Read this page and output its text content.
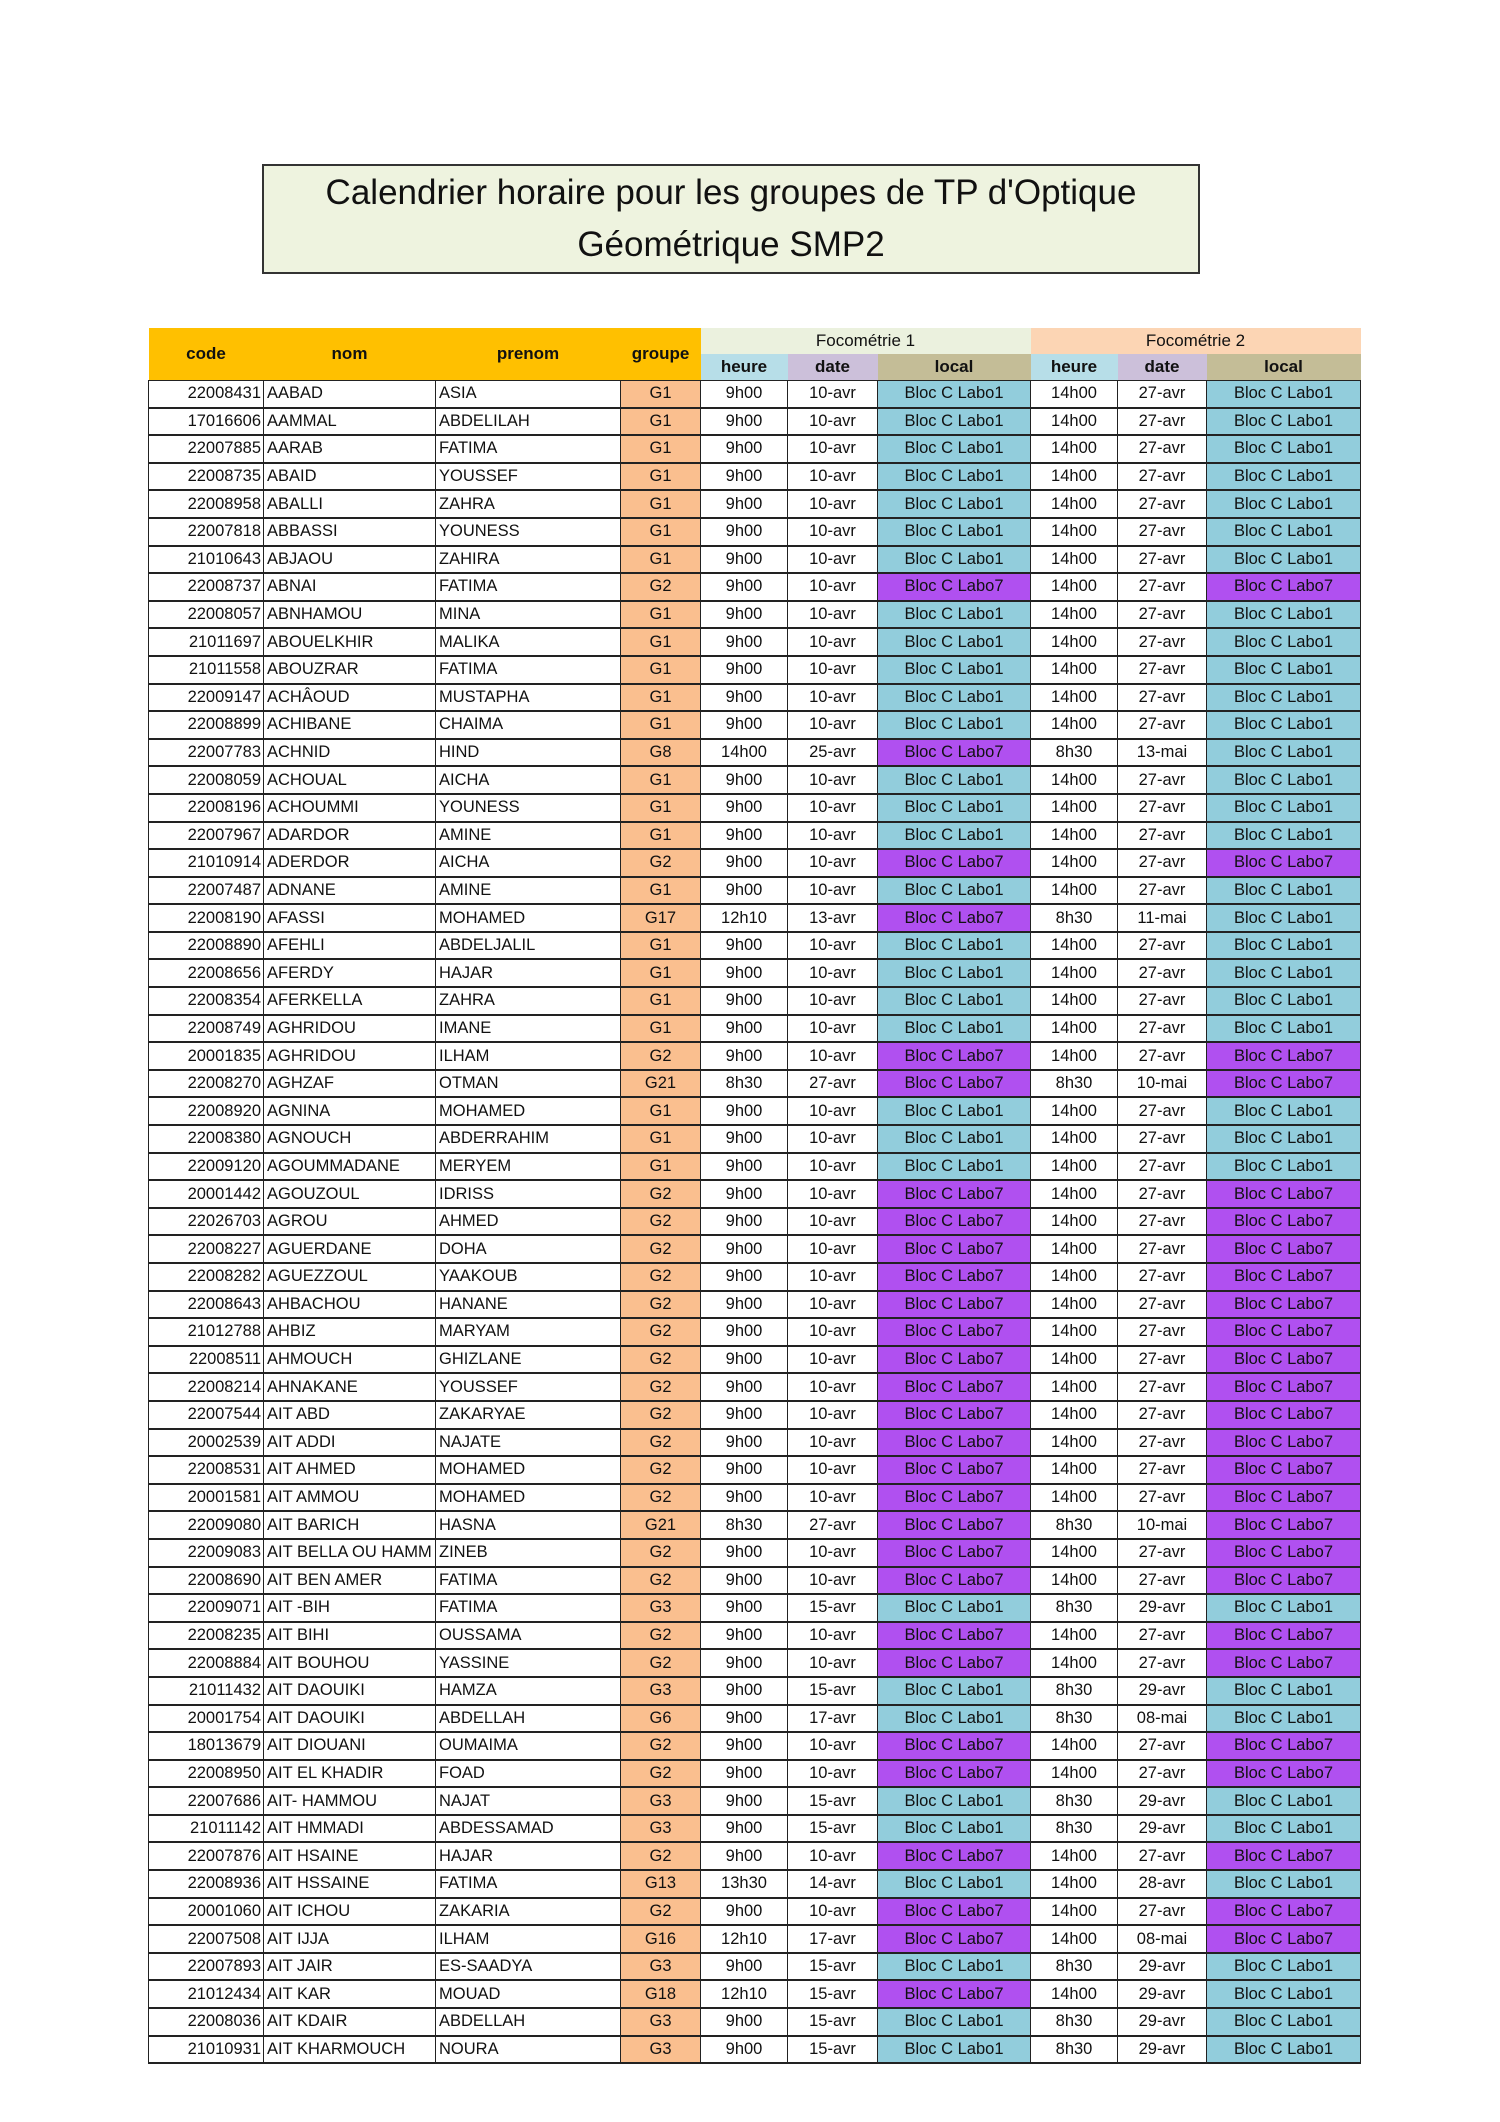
Calendrier horaire pour les groupes de TP d'Optique Géométrique SMP2
code	nom	prenom	groupe	Focométrie 1			Focométrie 2		
				heure	date	local	heure	date	local
22008431	AABAD	ASIA	G1	9h00	10-avr	Bloc C Labo1	14h00	27-avr	Bloc C Labo1
17016606	AAMMAL	ABDELILAH	G1	9h00	10-avr	Bloc C Labo1	14h00	27-avr	Bloc C Labo1
22007885	AARAB	FATIMA	G1	9h00	10-avr	Bloc C Labo1	14h00	27-avr	Bloc C Labo1
22008735	ABAID	YOUSSEF	G1	9h00	10-avr	Bloc C Labo1	14h00	27-avr	Bloc C Labo1
22008958	ABALLI	ZAHRA	G1	9h00	10-avr	Bloc C Labo1	14h00	27-avr	Bloc C Labo1
22007818	ABBASSI	YOUNESS	G1	9h00	10-avr	Bloc C Labo1	14h00	27-avr	Bloc C Labo1
21010643	ABJAOU	ZAHIRA	G1	9h00	10-avr	Bloc C Labo1	14h00	27-avr	Bloc C Labo1
22008737	ABNAI	FATIMA	G2	9h00	10-avr	Bloc C Labo7	14h00	27-avr	Bloc C Labo7
22008057	ABNHAMOU	MINA	G1	9h00	10-avr	Bloc C Labo1	14h00	27-avr	Bloc C Labo1
21011697	ABOUELKHIR	MALIKA	G1	9h00	10-avr	Bloc C Labo1	14h00	27-avr	Bloc C Labo1
21011558	ABOUZRAR	FATIMA	G1	9h00	10-avr	Bloc C Labo1	14h00	27-avr	Bloc C Labo1
22009147	ACHÂOUD	MUSTAPHA	G1	9h00	10-avr	Bloc C Labo1	14h00	27-avr	Bloc C Labo1
22008899	ACHIBANE	CHAIMA	G1	9h00	10-avr	Bloc C Labo1	14h00	27-avr	Bloc C Labo1
22007783	ACHNID	HIND	G8	14h00	25-avr	Bloc C Labo7	8h30	13-mai	Bloc C Labo1
22008059	ACHOUAL	AICHA	G1	9h00	10-avr	Bloc C Labo1	14h00	27-avr	Bloc C Labo1
22008196	ACHOUMMI	YOUNESS	G1	9h00	10-avr	Bloc C Labo1	14h00	27-avr	Bloc C Labo1
22007967	ADARDOR	AMINE	G1	9h00	10-avr	Bloc C Labo1	14h00	27-avr	Bloc C Labo1
21010914	ADERDOR	AICHA	G2	9h00	10-avr	Bloc C Labo7	14h00	27-avr	Bloc C Labo7
22007487	ADNANE	AMINE	G1	9h00	10-avr	Bloc C Labo1	14h00	27-avr	Bloc C Labo1
22008190	AFASSI	MOHAMED	G17	12h10	13-avr	Bloc C Labo7	8h30	11-mai	Bloc C Labo1
22008890	AFEHLI	ABDELJALIL	G1	9h00	10-avr	Bloc C Labo1	14h00	27-avr	Bloc C Labo1
22008656	AFERDY	HAJAR	G1	9h00	10-avr	Bloc C Labo1	14h00	27-avr	Bloc C Labo1
22008354	AFERKELLA	ZAHRA	G1	9h00	10-avr	Bloc C Labo1	14h00	27-avr	Bloc C Labo1
22008749	AGHRIDOU	IMANE	G1	9h00	10-avr	Bloc C Labo1	14h00	27-avr	Bloc C Labo1
20001835	AGHRIDOU	ILHAM	G2	9h00	10-avr	Bloc C Labo7	14h00	27-avr	Bloc C Labo7
22008270	AGHZAF	OTMAN	G21	8h30	27-avr	Bloc C Labo7	8h30	10-mai	Bloc C Labo7
22008920	AGNINA	MOHAMED	G1	9h00	10-avr	Bloc C Labo1	14h00	27-avr	Bloc C Labo1
22008380	AGNOUCH	ABDERRAHIM	G1	9h00	10-avr	Bloc C Labo1	14h00	27-avr	Bloc C Labo1
22009120	AGOUMMADANE	MERYEM	G1	9h00	10-avr	Bloc C Labo1	14h00	27-avr	Bloc C Labo1
20001442	AGOUZOUL	IDRISS	G2	9h00	10-avr	Bloc C Labo7	14h00	27-avr	Bloc C Labo7
22026703	AGROU	AHMED	G2	9h00	10-avr	Bloc C Labo7	14h00	27-avr	Bloc C Labo7
22008227	AGUERDANE	DOHA	G2	9h00	10-avr	Bloc C Labo7	14h00	27-avr	Bloc C Labo7
22008282	AGUEZZOUL	YAAKOUB	G2	9h00	10-avr	Bloc C Labo7	14h00	27-avr	Bloc C Labo7
22008643	AHBACHOU	HANANE	G2	9h00	10-avr	Bloc C Labo7	14h00	27-avr	Bloc C Labo7
21012788	AHBIZ	MARYAM	G2	9h00	10-avr	Bloc C Labo7	14h00	27-avr	Bloc C Labo7
22008511	AHMOUCH	GHIZLANE	G2	9h00	10-avr	Bloc C Labo7	14h00	27-avr	Bloc C Labo7
22008214	AHNAKANE	YOUSSEF	G2	9h00	10-avr	Bloc C Labo7	14h00	27-avr	Bloc C Labo7
22007544	AIT ABD	ZAKARYAE	G2	9h00	10-avr	Bloc C Labo7	14h00	27-avr	Bloc C Labo7
20002539	AIT ADDI	NAJATE	G2	9h00	10-avr	Bloc C Labo7	14h00	27-avr	Bloc C Labo7
22008531	AIT AHMED	MOHAMED	G2	9h00	10-avr	Bloc C Labo7	14h00	27-avr	Bloc C Labo7
20001581	AIT AMMOU	MOHAMED	G2	9h00	10-avr	Bloc C Labo7	14h00	27-avr	Bloc C Labo7
22009080	AIT BARICH	HASNA	G21	8h30	27-avr	Bloc C Labo7	8h30	10-mai	Bloc C Labo7
22009083	AIT BELLA OU HAMM	ZINEB	G2	9h00	10-avr	Bloc C Labo7	14h00	27-avr	Bloc C Labo7
22008690	AIT BEN AMER	FATIMA	G2	9h00	10-avr	Bloc C Labo7	14h00	27-avr	Bloc C Labo7
22009071	AIT -BIH	FATIMA	G3	9h00	15-avr	Bloc C Labo1	8h30	29-avr	Bloc C Labo1
22008235	AIT BIHI	OUSSAMA	G2	9h00	10-avr	Bloc C Labo7	14h00	27-avr	Bloc C Labo7
22008884	AIT BOUHOU	YASSINE	G2	9h00	10-avr	Bloc C Labo7	14h00	27-avr	Bloc C Labo7
21011432	AIT DAOUIKI	HAMZA	G3	9h00	15-avr	Bloc C Labo1	8h30	29-avr	Bloc C Labo1
20001754	AIT DAOUIKI	ABDELLAH	G6	9h00	17-avr	Bloc C Labo1	8h30	08-mai	Bloc C Labo1
18013679	AIT DIOUANI	OUMAIMA	G2	9h00	10-avr	Bloc C Labo7	14h00	27-avr	Bloc C Labo7
22008950	AIT EL KHADIR	FOAD	G2	9h00	10-avr	Bloc C Labo7	14h00	27-avr	Bloc C Labo7
22007686	AIT- HAMMOU	NAJAT	G3	9h00	15-avr	Bloc C Labo1	8h30	29-avr	Bloc C Labo1
21011142	AIT HMMADI	ABDESSAMAD	G3	9h00	15-avr	Bloc C Labo1	8h30	29-avr	Bloc C Labo1
22007876	AIT HSAINE	HAJAR	G2	9h00	10-avr	Bloc C Labo7	14h00	27-avr	Bloc C Labo7
22008936	AIT HSSAINE	FATIMA	G13	13h30	14-avr	Bloc C Labo1	14h00	28-avr	Bloc C Labo1
20001060	AIT ICHOU	ZAKARIA	G2	9h00	10-avr	Bloc C Labo7	14h00	27-avr	Bloc C Labo7
22007508	AIT IJJA	ILHAM	G16	12h10	17-avr	Bloc C Labo7	14h00	08-mai	Bloc C Labo7
22007893	AIT JAIR	ES-SAADYA	G3	9h00	15-avr	Bloc C Labo1	8h30	29-avr	Bloc C Labo1
21012434	AIT KAR	MOUAD	G18	12h10	15-avr	Bloc C Labo7	14h00	29-avr	Bloc C Labo1
22008036	AIT KDAIR	ABDELLAH	G3	9h00	15-avr	Bloc C Labo1	8h30	29-avr	Bloc C Labo1
21010931	AIT KHARMOUCH	NOURA	G3	9h00	15-avr	Bloc C Labo1	8h30	29-avr	Bloc C Labo1
